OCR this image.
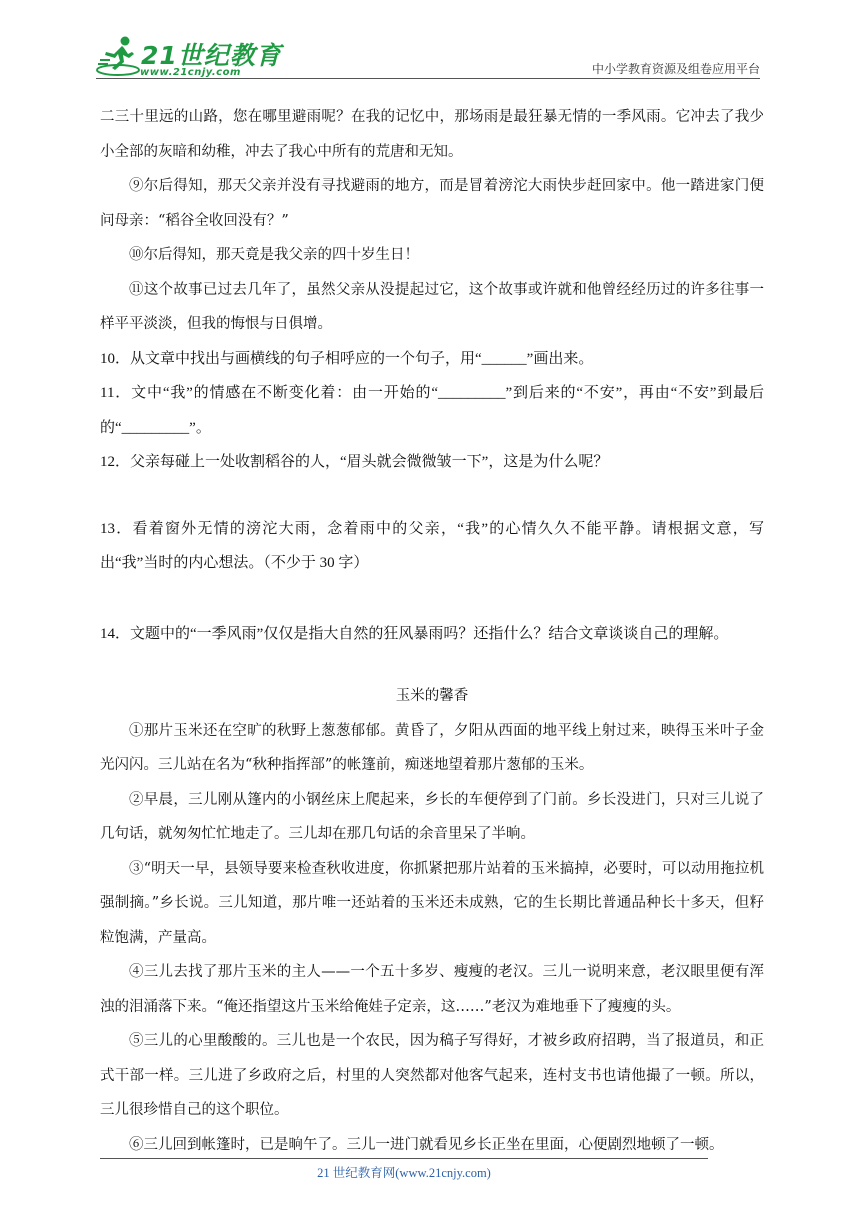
21世纪教育
www.21cnjy.com	中小学教育资源及组卷应用平台

二三十里远的山路，您在哪里避雨呢？在我的记忆中，那场雨是最狂暴无情的一季风雨。它冲去了我少小全部的灰暗和幼稚，冲去了我心中所有的荒唐和无知。

⑨尔后得知，那天父亲并没有寻找避雨的地方，而是冒着滂沱大雨快步赶回家中。他一踏进家门便问母亲：“稻谷全收回没有？”

⑩尔后得知，那天竟是我父亲的四十岁生日！

⑪这个故事已过去几年了，虽然父亲从没提起过它，这个故事或许就和他曾经经历过的许多往事一样平平淡淡，但我的悔恨与日俱增。

10．从文章中找出与画横线的句子相呼应的一个句子，用“______”画出来。

11．文中“我”的情感在不断变化着：由一开始的“_________”到后来的“不安”，再由“不安”到最后的“_________”。

12．父亲每碰上一处收割稻谷的人，“眉头就会微微皱一下”，这是为什么呢？

13．看着窗外无情的滂沱大雨，念着雨中的父亲，“我”的心情久久不能平静。请根据文意，写出“我”当时的内心想法。（不少于 30 字）

14．文题中的“一季风雨”仅仅是指大自然的狂风暴雨吗？还指什么？结合文章谈谈自己的理解。

玉米的馨香

①那片玉米还在空旷的秋野上葱葱郁郁。黄昏了，夕阳从西面的地平线上射过来，映得玉米叶子金光闪闪。三儿站在名为“秋种指挥部”的帐篷前，痴迷地望着那片葱郁的玉米。

②早晨，三儿刚从篷内的小钢丝床上爬起来，乡长的车便停到了门前。乡长没进门，只对三儿说了几句话，就匆匆忙忙地走了。三儿却在那几句话的余音里呆了半晌。

③“明天一早，县领导要来检查秋收进度，你抓紧把那片站着的玉米搞掉，必要时，可以动用拖拉机强制摘。”乡长说。三儿知道，那片唯一还站着的玉米还未成熟，它的生长期比普通品种长十多天，但籽粒饱满，产量高。

④三儿去找了那片玉米的主人——一个五十多岁、瘦瘦的老汉。三儿一说明来意，老汉眼里便有浑浊的泪涌落下来。“俺还指望这片玉米给俺娃子定亲，这……”老汉为难地垂下了瘦瘦的头。

⑤三儿的心里酸酸的。三儿也是一个农民，因为稿子写得好，才被乡政府招聘，当了报道员，和正式干部一样。三儿进了乡政府之后，村里的人突然都对他客气起来，连村支书也请他撮了一顿。所以，三儿很珍惜自己的这个职位。

⑥三儿回到帐篷时，已是晌午了。三儿一进门就看见乡长正坐在里面，心便剧烈地顿了一顿。

21 世纪教育网(www.21cnjy.com)
